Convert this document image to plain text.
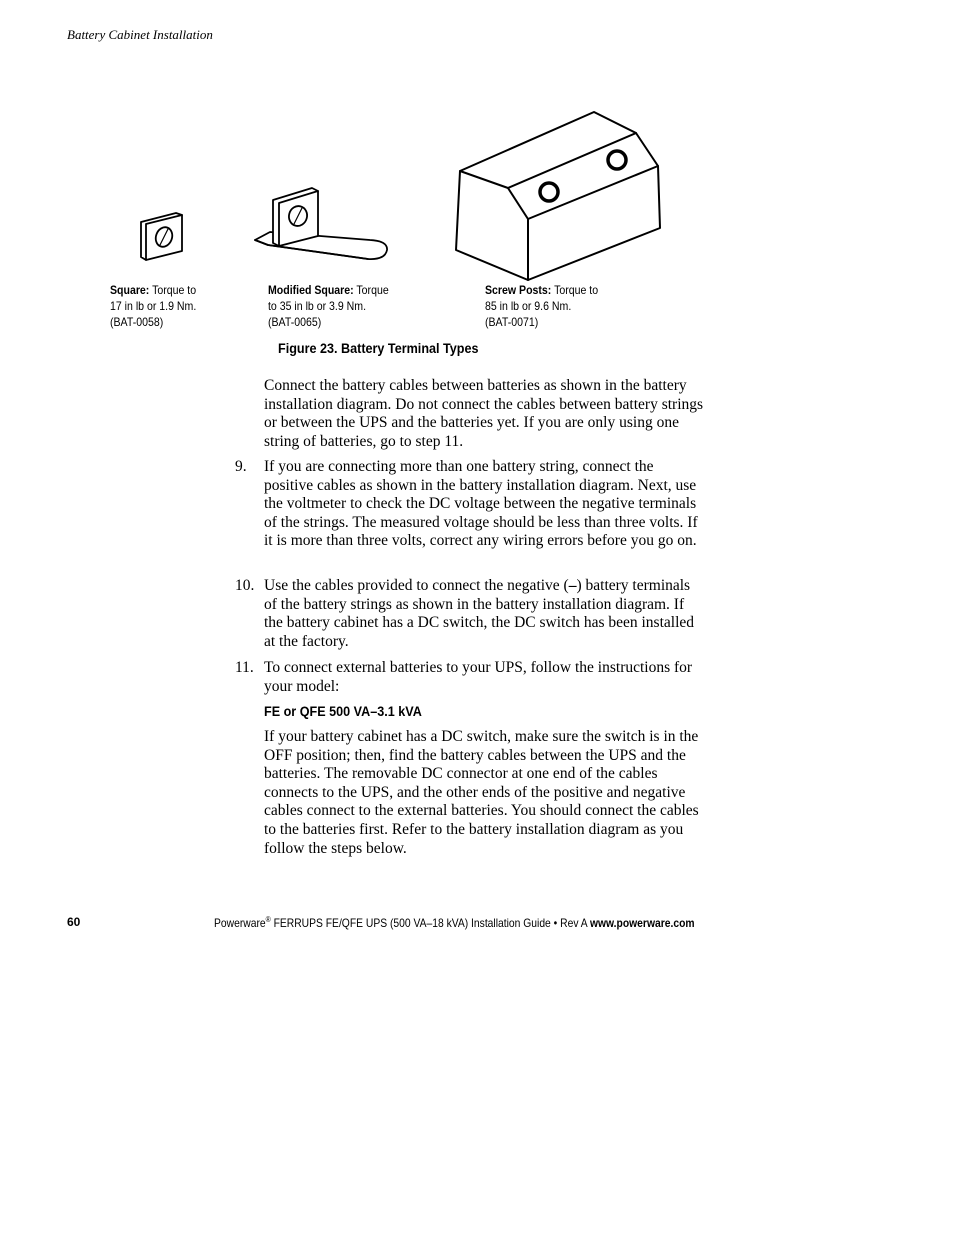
Battery Cabinet Installation
Square: Torque to
17 in lb or 1.9 Nm.
(BAT-0058)
Modified Square: Torque
to 35 in lb or 3.9 Nm.
(BAT-0065)
Screw Posts: Torque to
85 in lb or 9.6 Nm.
(BAT-0071)
Figure 23. Battery Terminal Types
Connect the battery cables between batteries as shown in the battery installation diagram. Do not connect the cables between battery strings or between the UPS and the batteries yet. If you are only using one string of batteries, go to step 11.
9. If you are connecting more than one battery string, connect the positive cables as shown in the battery installation diagram. Next, use the voltmeter to check the DC voltage between the negative terminals of the strings. The measured voltage should be less than three volts. If it is more than three volts, correct any wiring errors before you go on.
10. Use the cables provided to connect the negative (–) battery terminals of the battery strings as shown in the battery installation diagram. If the battery cabinet has a DC switch, the DC switch has been installed at the factory.
11. To connect external batteries to your UPS, follow the instructions for your model:
FE or QFE 500 VA–3.1 kVA
If your battery cabinet has a DC switch, make sure the switch is in the OFF position; then, find the battery cables between the UPS and the batteries. The removable DC connector at one end of the cables connects to the UPS, and the other ends of the positive and negative cables connect to the external batteries. You should connect the cables to the batteries first. Refer to the battery installation diagram as you follow the steps below.
60	Powerware® FERRUPS FE/QFE UPS (500 VA–18 kVA) Installation Guide • Rev A www.powerware.com
